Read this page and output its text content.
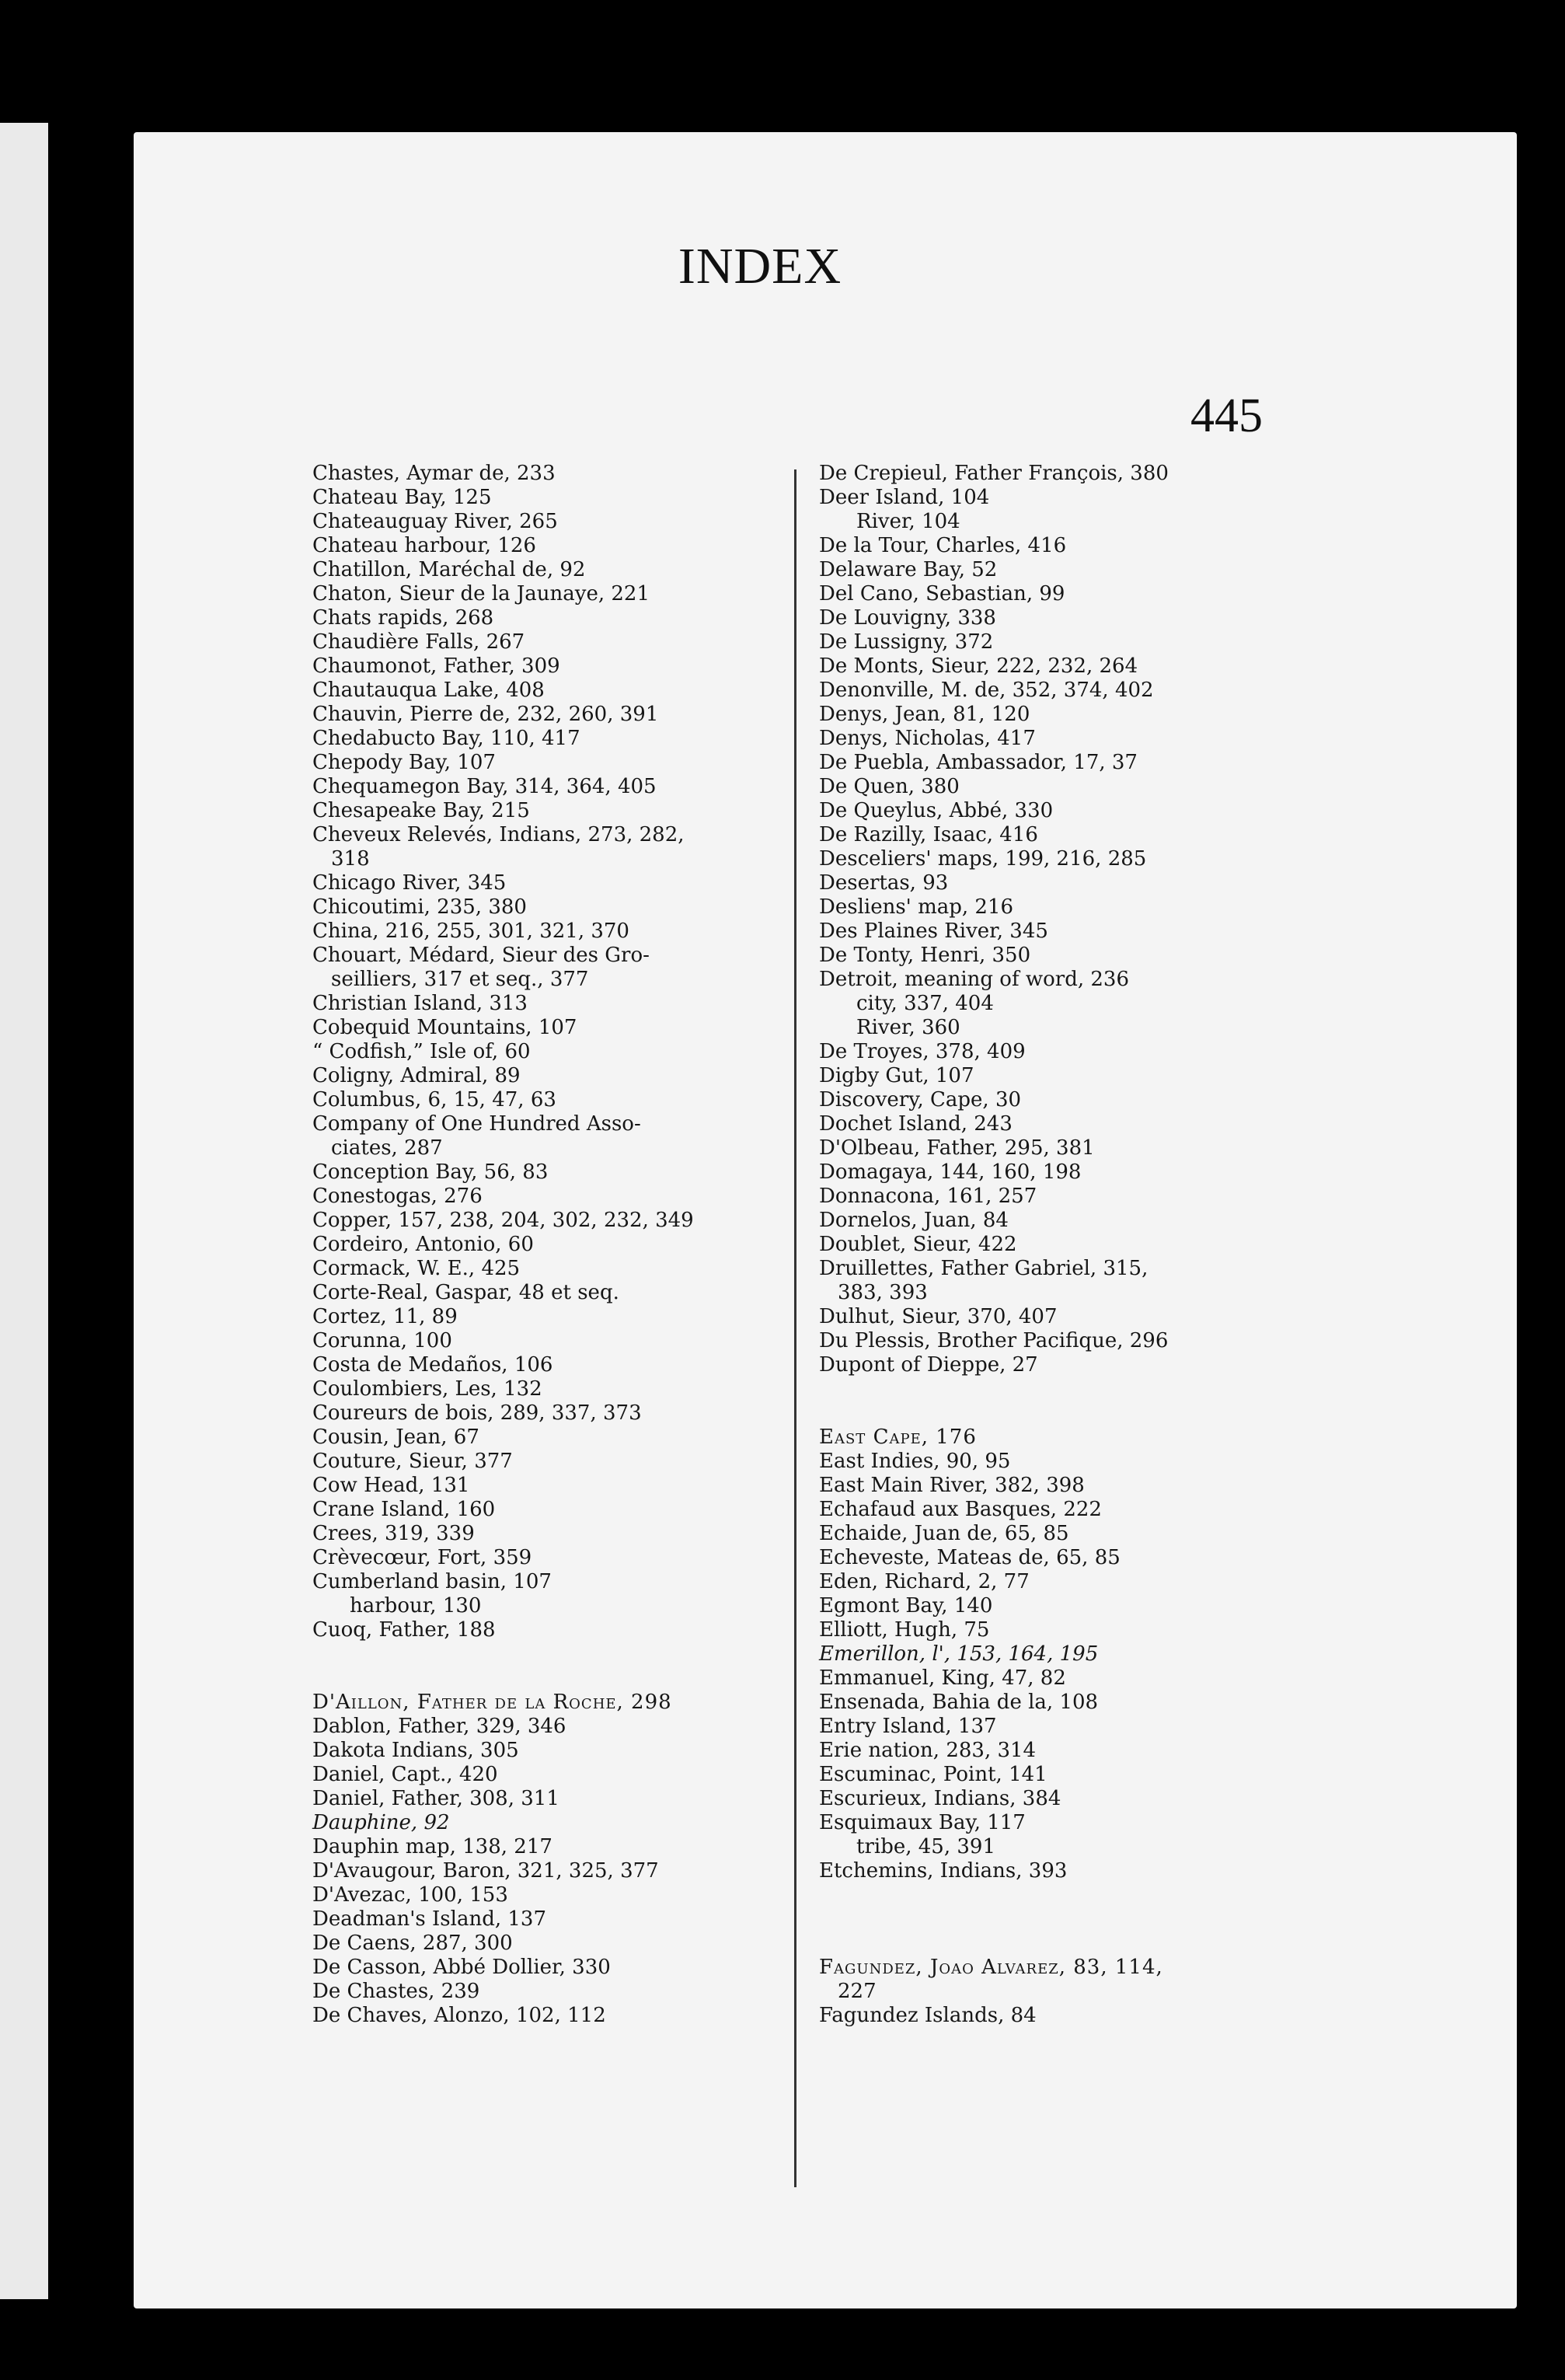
INDEX
445
Chastes, Aymar de, 233
Chateau Bay, 125
Chateauguay River, 265
Chateau harbour, 126
Chatillon, Maréchal de, 92
Chaton, Sieur de la Jaunaye, 221
Chats rapids, 268
Chaudière Falls, 267
Chaumonot, Father, 309
Chautauqua Lake, 408
Chauvin, Pierre de, 232, 260, 391
Chedabucto Bay, 110, 417
Chepody Bay, 107
Chequamegon Bay, 314, 364, 405
Chesapeake Bay, 215
Cheveux Relevés, Indians, 273, 282,
318
Chicago River, 345
Chicoutimi, 235, 380
China, 216, 255, 301, 321, 370
Chouart, Médard, Sieur des Gro-
seilliers, 317 et seq., 377
Christian Island, 313
Cobequid Mountains, 107
“ Codfish,” Isle of, 60
Coligny, Admiral, 89
Columbus, 6, 15, 47, 63
Company of One Hundred Asso-
ciates, 287
Conception Bay, 56, 83
Conestogas, 276
Copper, 157, 238, 204, 302, 232, 349
Cordeiro, Antonio, 60
Cormack, W. E., 425
Corte-Real, Gaspar, 48 et seq.
Cortez, 11, 89
Corunna, 100
Costa de Medaños, 106
Coulombiers, Les, 132
Coureurs de bois, 289, 337, 373
Cousin, Jean, 67
Couture, Sieur, 377
Cow Head, 131
Crane Island, 160
Crees, 319, 339
Crèvecœur, Fort, 359
Cumberland basin, 107
harbour, 130
Cuoq, Father, 188
D'Aillon, Father de la Roche, 298
Dablon, Father, 329, 346
Dakota Indians, 305
Daniel, Capt., 420
Daniel, Father, 308, 311
Dauphine, 92
Dauphin map, 138, 217
D'Avaugour, Baron, 321, 325, 377
D'Avezac, 100, 153
Deadman's Island, 137
De Caens, 287, 300
De Casson, Abbé Dollier, 330
De Chastes, 239
De Chaves, Alonzo, 102, 112
De Crepieul, Father François, 380
Deer Island, 104
River, 104
De la Tour, Charles, 416
Delaware Bay, 52
Del Cano, Sebastian, 99
De Louvigny, 338
De Lussigny, 372
De Monts, Sieur, 222, 232, 264
Denonville, M. de, 352, 374, 402
Denys, Jean, 81, 120
Denys, Nicholas, 417
De Puebla, Ambassador, 17, 37
De Quen, 380
De Queylus, Abbé, 330
De Razilly, Isaac, 416
Desceliers' maps, 199, 216, 285
Desertas, 93
Desliens' map, 216
Des Plaines River, 345
De Tonty, Henri, 350
Detroit, meaning of word, 236
city, 337, 404
River, 360
De Troyes, 378, 409
Digby Gut, 107
Discovery, Cape, 30
Dochet Island, 243
D'Olbeau, Father, 295, 381
Domagaya, 144, 160, 198
Donnacona, 161, 257
Dornelos, Juan, 84
Doublet, Sieur, 422
Druillettes, Father Gabriel, 315,
383, 393
Dulhut, Sieur, 370, 407
Du Plessis, Brother Pacifique, 296
Dupont of Dieppe, 27
East Cape, 176
East Indies, 90, 95
East Main River, 382, 398
Echafaud aux Basques, 222
Echaide, Juan de, 65, 85
Echeveste, Mateas de, 65, 85
Eden, Richard, 2, 77
Egmont Bay, 140
Elliott, Hugh, 75
Emerillon, l', 153, 164, 195
Emmanuel, King, 47, 82
Ensenada, Bahia de la, 108
Entry Island, 137
Erie nation, 283, 314
Escuminac, Point, 141
Escurieux, Indians, 384
Esquimaux Bay, 117
tribe, 45, 391
Etchemins, Indians, 393
Fagundez, Joao Alvarez, 83, 114,
227
Fagundez Islands, 84
